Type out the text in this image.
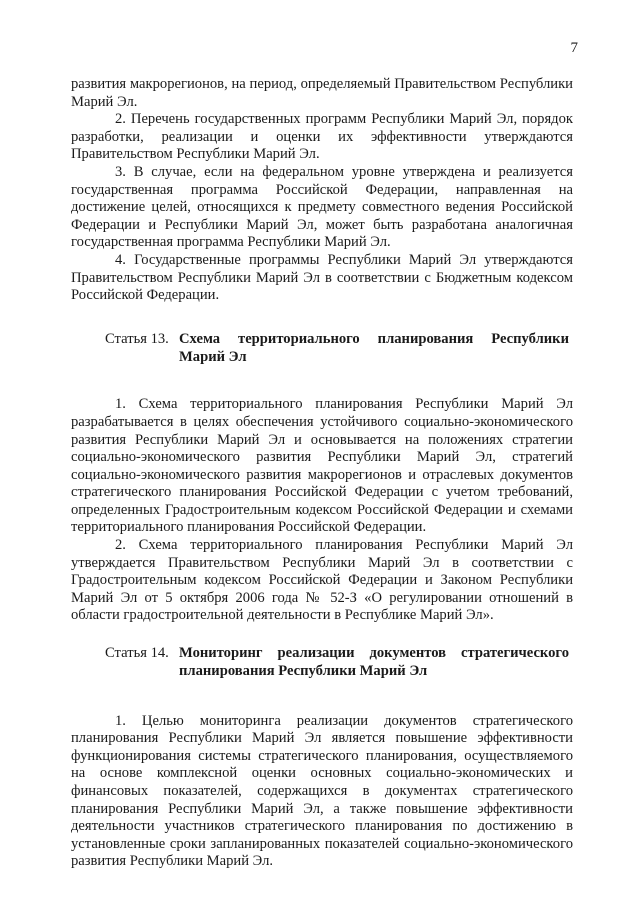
7

развития макрорегионов, на период, определяемый Правительством Республики Марий Эл.

2. Перечень государственных программ Республики Марий Эл, порядок разработки, реализации и оценки их эффективности утверждаются Правительством Республики Марий Эл.

3. В случае, если на федеральном уровне утверждена и реализуется государственная программа Российской Федерации, направленная на достижение целей, относящихся к предмету совместного ведения Российской Федерации и Республики Марий Эл, может быть разработана аналогичная государственная программа Республики Марий Эл.

4. Государственные программы Республики Марий Эл утверждаются Правительством Республики Марий Эл в соответствии с Бюджетным кодексом Российской Федерации.

Статья 13. Схема территориального планирования Республики Марий Эл

1. Схема территориального планирования Республики Марий Эл разрабатывается в целях обеспечения устойчивого социально-экономического развития Республики Марий Эл и основывается на положениях стратегии социально-экономического развития Республики Марий Эл, стратегий социально-экономического развития макрорегионов и отраслевых документов стратегического планирования Российской Федерации с учетом требований, определенных Градостроительным кодексом Российской Федерации и схемами территориального планирования Российской Федерации.

2. Схема территориального планирования Республики Марий Эл утверждается Правительством Республики Марий Эл в соответствии с Градостроительным кодексом Российской Федерации и Законом Республики Марий Эл от 5 октября 2006 года № 52-З «О регулировании отношений в области градостроительной деятельности в Республике Марий Эл».

Статья 14. Мониторинг реализации документов стратегического планирования Республики Марий Эл

1. Целью мониторинга реализации документов стратегического планирования Республики Марий Эл является повышение эффективности функционирования системы стратегического планирования, осуществляемого на основе комплексной оценки основных социально-экономических и финансовых показателей, содержащихся в документах стратегического планирования Республики Марий Эл, а также повышение эффективности деятельности участников стратегического планирования по достижению в установленные сроки запланированных показателей социально-экономического развития Республики Марий Эл.
